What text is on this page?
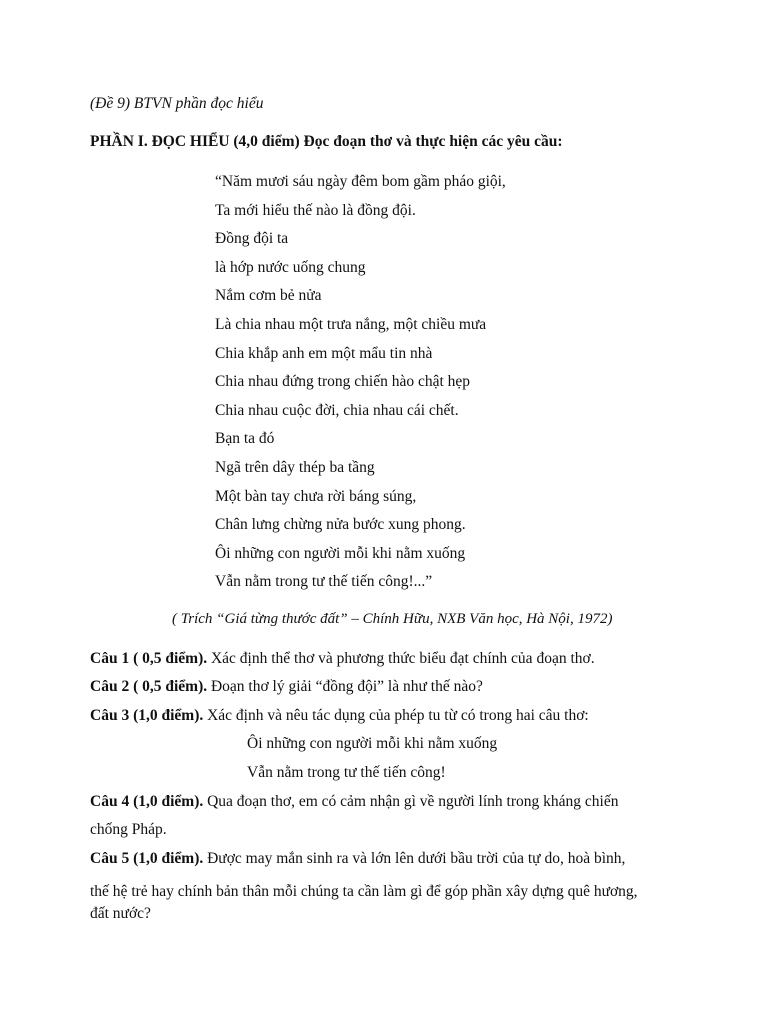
(Đề 9) BTVN phần đọc hiểu
PHẦN I. ĐỌC HIỂU (4,0 điểm) Đọc đoạn thơ và thực hiện các yêu cầu:
“Năm mươi sáu ngày đêm bom gầm pháo giội,
Ta mới hiểu thế nào là đồng đội.
Đồng đội ta
là hớp nước uống chung
Nắm cơm bẻ nửa
Là chia nhau một trưa nắng, một chiều mưa
Chia khắp anh em một mẩu tin nhà
Chia nhau đứng trong chiến hào chật hẹp
Chia nhau cuộc đời, chia nhau cái chết.
Bạn ta đó
Ngã trên dây thép ba tầng
Một bàn tay chưa rời báng súng,
Chân lưng chừng nửa bước xung phong.
Ôi những con người mỗi khi nằm xuống
Vẫn nằm trong tư thế tiến công!...”
( Trích “Giá từng thước đất” – Chính Hữu, NXB Văn học, Hà Nội, 1972)
Câu 1 ( 0,5 điểm). Xác định thể thơ và phương thức biểu đạt chính của đoạn thơ.
Câu 2 ( 0,5 điểm). Đoạn thơ lý giải “đồng đội” là như thế nào?
Câu 3 (1,0 điểm). Xác định và nêu tác dụng của phép tu từ có trong hai câu thơ:
Ôi những con người mỗi khi nằm xuống
Vẫn nằm trong tư thế tiến công!
Câu 4 (1,0 điểm). Qua đoạn thơ, em có cảm nhận gì về người lính trong kháng chiến
chống Pháp.
Câu 5 (1,0 điểm). Được may mắn sinh ra và lớn lên dưới bầu trời của tự do, hoà bình,
thế hệ trẻ hay chính bản thân mỗi chúng ta cần làm gì để góp phần xây dựng quê hương,
đất nước?
